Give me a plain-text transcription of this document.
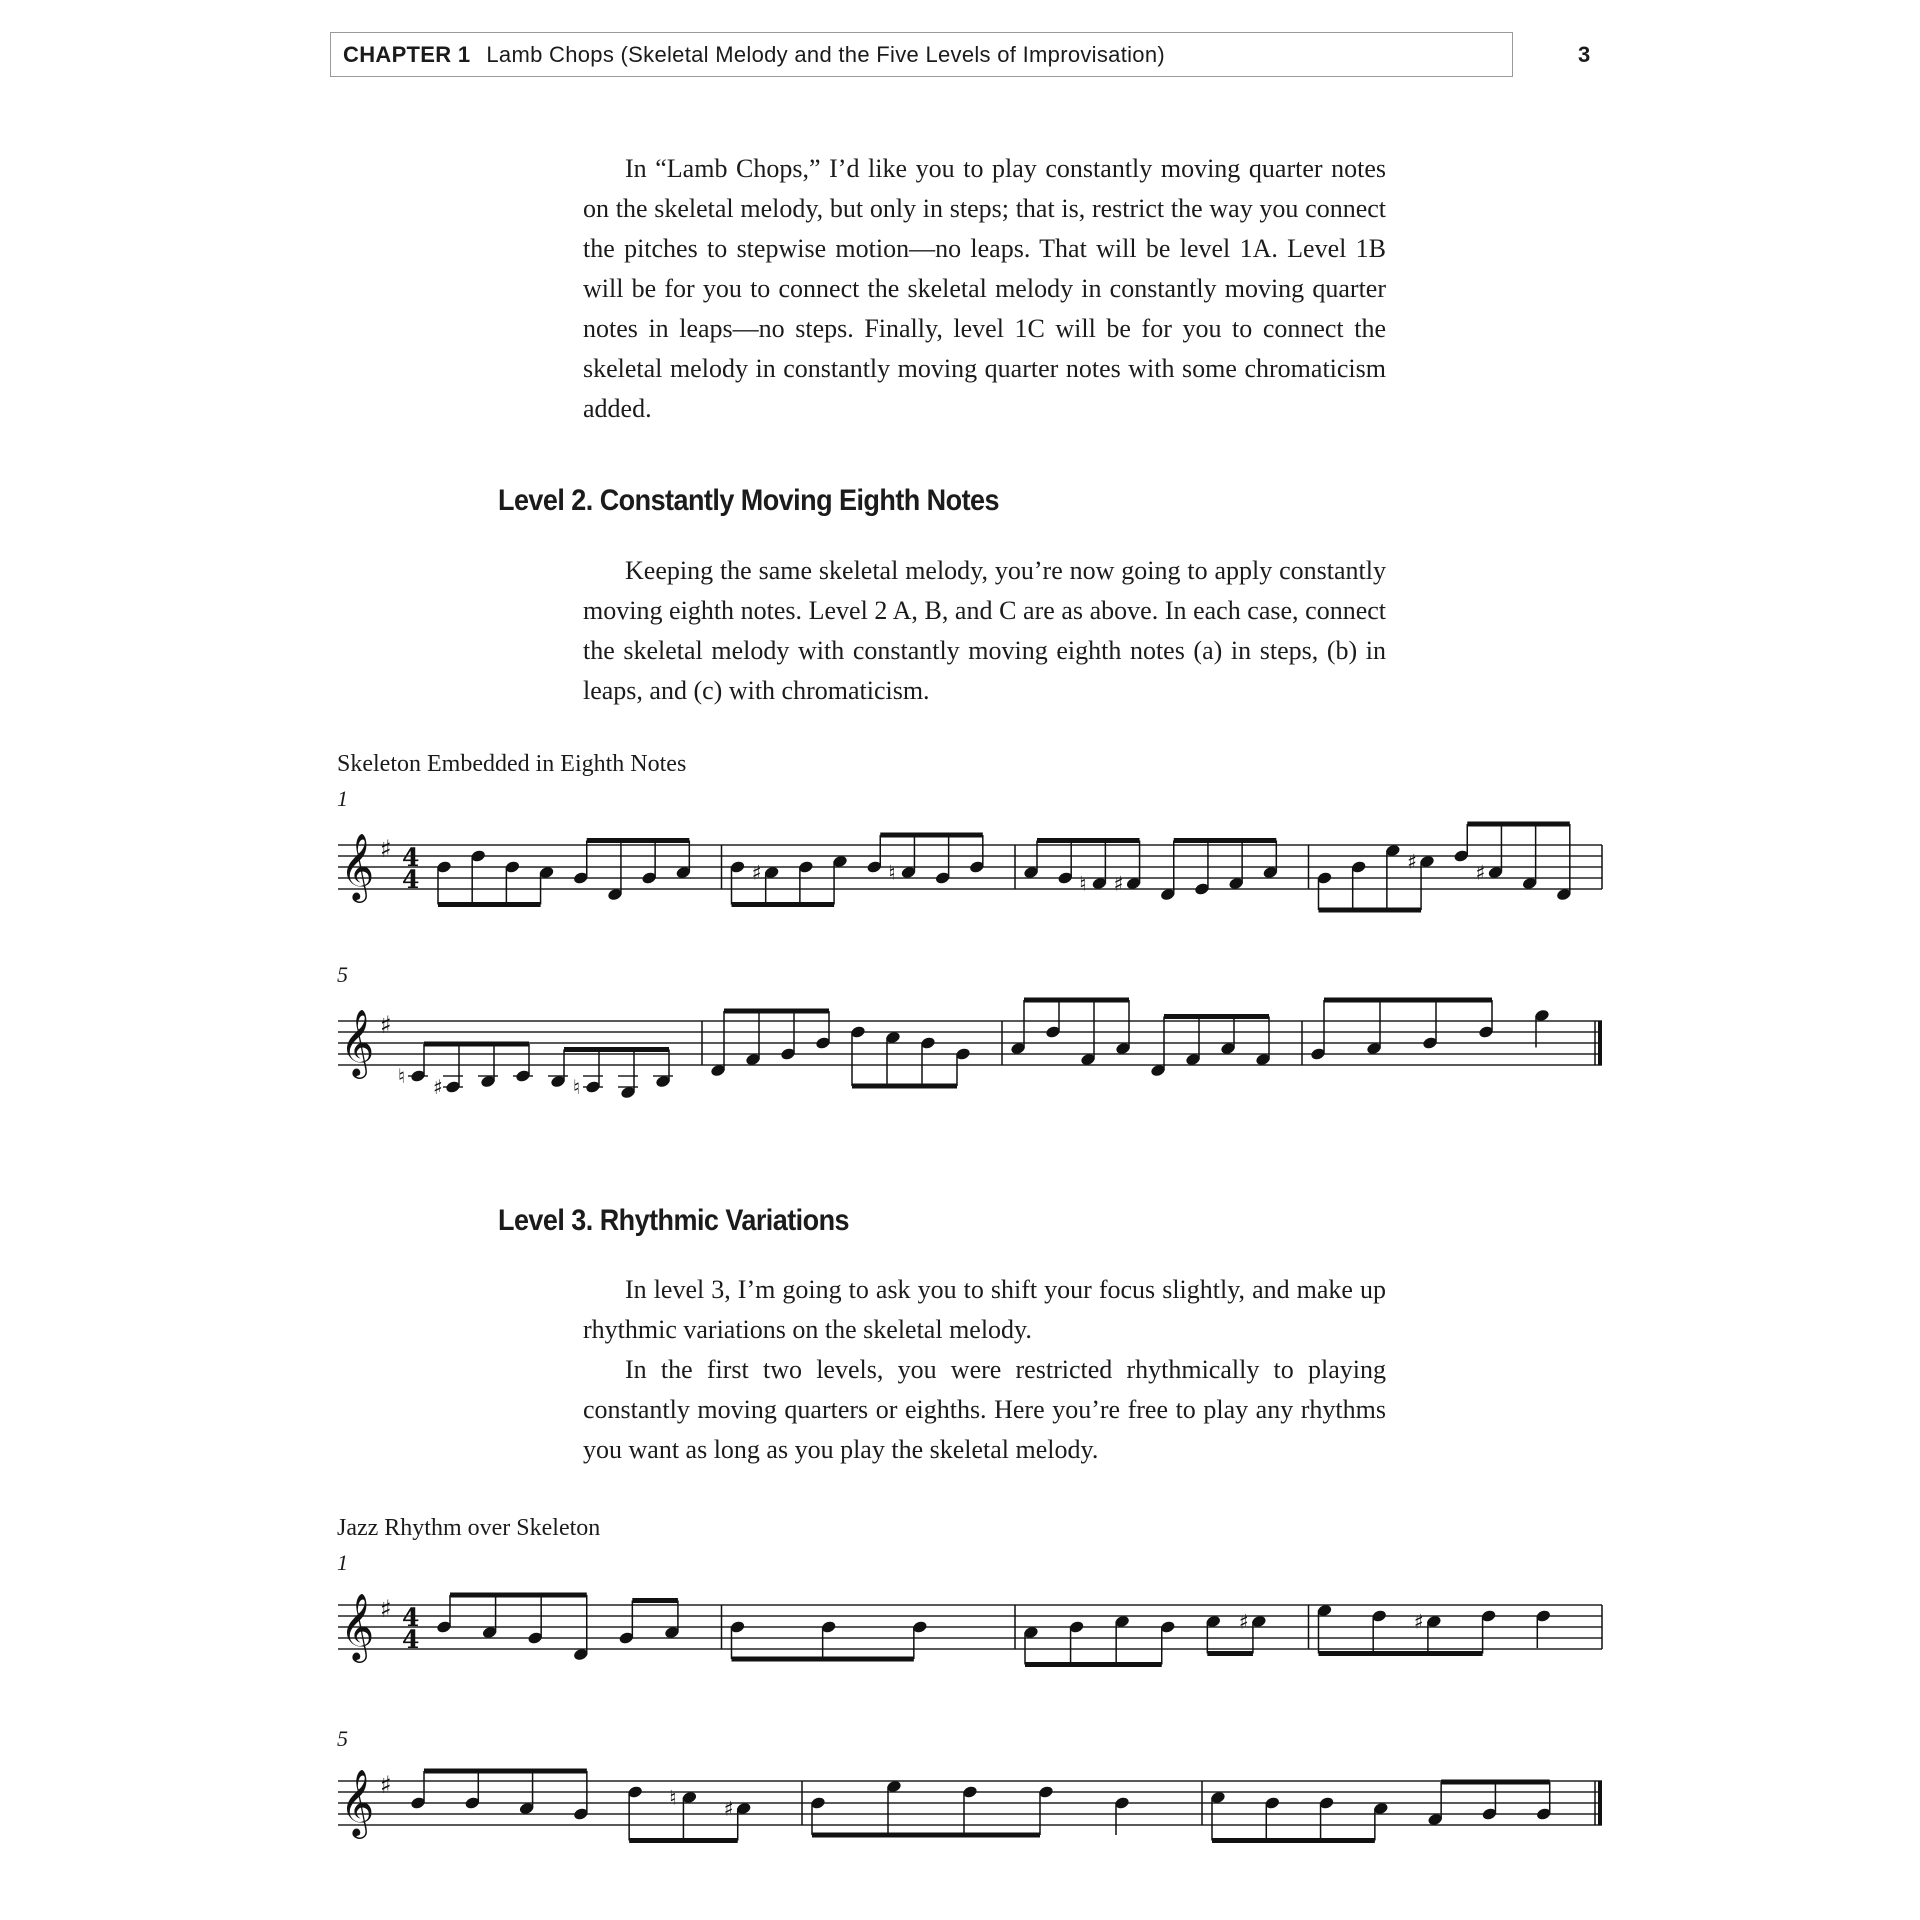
CHAPTER 1 Lamb Chops (Skeletal Melody and the Five Levels of Improvisation)	3

In “Lamb Chops,” I’d like you to play constantly moving quarter notes on the skeletal melody, but only in steps; that is, restrict the way you connect the pitches to stepwise motion—no leaps. That will be level 1A. Level 1B will be for you to connect the skeletal melody in constantly moving quarter notes in leaps—no steps. Finally, level 1C will be for you to connect the skeletal melody in constantly moving quarter notes with some chromaticism added.

Level 2. Constantly Moving Eighth Notes

Keeping the same skeletal melody, you’re now going to apply constantly moving eighth notes. Level 2 A, B, and C are as above. In each case, connect the skeletal melody with constantly moving eighth notes (a) in steps, (b) in leaps, and (c) with chromaticism.

Skeleton Embedded in Eighth Notes
1
𝄞 ♯ 4
4	♯	♮	♮ ♯
♯	♯
5
𝄞 ♯
♮ ♯	♮
Level 3. Rhythmic Variations

In level 3, I’m going to ask you to shift your focus slightly, and make up rhythmic variations on the skeletal melody.

In the first two levels, you were restricted rhythmically to playing constantly moving quarters or eighths. Here you’re free to play any rhythms you want as long as you play the skeletal melody.

Jazz Rhythm over Skeleton
1
𝄞 ♯ 4
4
♯	♯
5
𝄞 ♯	♮ ♯
